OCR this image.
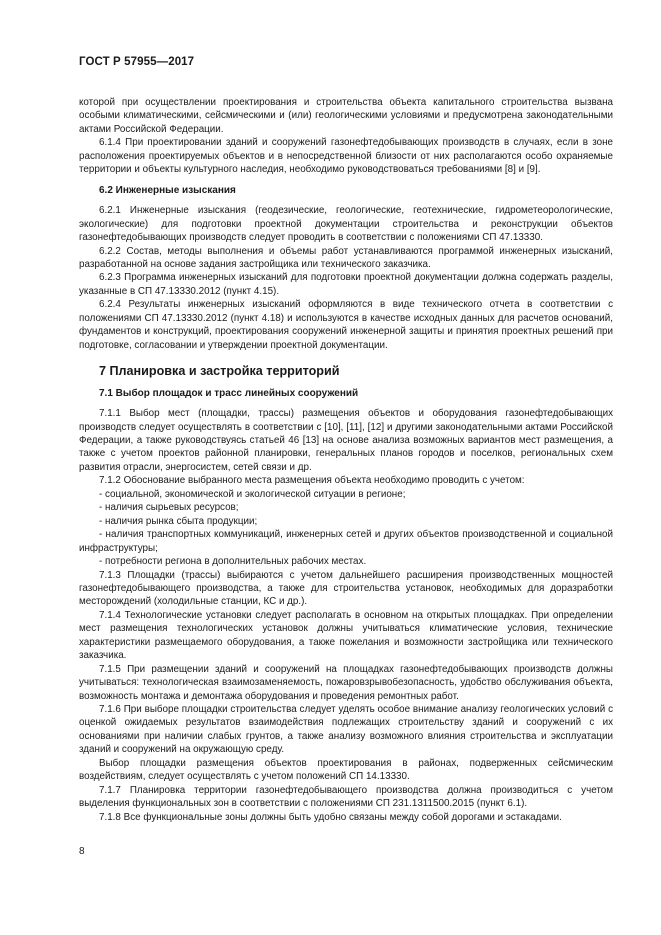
ГОСТ Р 57955—2017

которой при осуществлении проектирования и строительства объекта капитального строительства вызвана особыми климатическими, сейсмическими и (или) геологическими условиями и предусмотрена законодательными актами Российской Федерации.

6.1.4 При проектировании зданий и сооружений газонефтедобывающих производств в случаях, если в зоне расположения проектируемых объектов и в непосредственной близости от них располагаются особо охраняемые территории и объекты культурного наследия, необходимо руководствоваться требованиями [8] и [9].

6.2 Инженерные изыскания

6.2.1 Инженерные изыскания (геодезические, геологические, геотехнические, гидрометеорологические, экологические) для подготовки проектной документации строительства и реконструкции объектов газонефтедобывающих производств следует проводить в соответствии с положениями СП 47.13330.

6.2.2 Состав, методы выполнения и объемы работ устанавливаются программой инженерных изысканий, разработанной на основе задания застройщика или технического заказчика.

6.2.3 Программа инженерных изысканий для подготовки проектной документации должна содержать разделы, указанные в СП 47.13330.2012 (пункт 4.15).

6.2.4 Результаты инженерных изысканий оформляются в виде технического отчета в соответствии с положениями СП 47.13330.2012 (пункт 4.18) и используются в качестве исходных данных для расчетов оснований, фундаментов и конструкций, проектирования сооружений инженерной защиты и принятия проектных решений при подготовке, согласовании и утверждении проектной документации.

7 Планировка и застройка территорий
7.1 Выбор площадок и трасс линейных сооружений

7.1.1 Выбор мест (площадки, трассы) размещения объектов и оборудования газонефтедобывающих производств следует осуществлять в соответствии с [10], [11], [12] и другими законодательными актами Российской Федерации, а также руководствуясь статьей 46 [13] на основе анализа возможных вариантов мест размещения, а также с учетом проектов районной планировки, генеральных планов городов и поселков, региональных схем развития отрасли, энергосистем, сетей связи и др.

7.1.2 Обоснование выбранного места размещения объекта необходимо проводить с учетом:

- социальной, экономической и экологической ситуации в регионе;

- наличия сырьевых ресурсов;

- наличия рынка сбыта продукции;

- наличия транспортных коммуникаций, инженерных сетей и других объектов производственной и социальной инфраструктуры;

- потребности региона в дополнительных рабочих местах.

7.1.3 Площадки (трассы) выбираются с учетом дальнейшего расширения производственных мощностей газонефтедобывающего производства, а также для строительства установок, необходимых для доразработки месторождений (холодильные станции, КС и др.).

7.1.4 Технологические установки следует располагать в основном на открытых площадках. При определении мест размещения технологических установок должны учитываться климатические условия, технические характеристики размещаемого оборудования, а также пожелания и возможности застройщика или технического заказчика.

7.1.5 При размещении зданий и сооружений на площадках газонефтедобывающих производств должны учитываться: технологическая взаимозаменяемость, пожаровзрывобезопасность, удобство обслуживания объекта, возможность монтажа и демонтажа оборудования и проведения ремонтных работ.

7.1.6 При выборе площадки строительства следует уделять особое внимание анализу геологических условий с оценкой ожидаемых результатов взаимодействия подлежащих строительству зданий и сооружений с их основаниями при наличии слабых грунтов, а также анализу возможного влияния строительства и эксплуатации зданий и сооружений на окружающую среду.

Выбор площадки размещения объектов проектирования в районах, подверженных сейсмическим воздействиям, следует осуществлять с учетом положений СП 14.13330.

7.1.7 Планировка территории газонефтедобывающего производства должна производиться с учетом выделения функциональных зон в соответствии с положениями СП 231.1311500.2015 (пункт 6.1).

7.1.8 Все функциональные зоны должны быть удобно связаны между собой дорогами и эстакадами.

8
